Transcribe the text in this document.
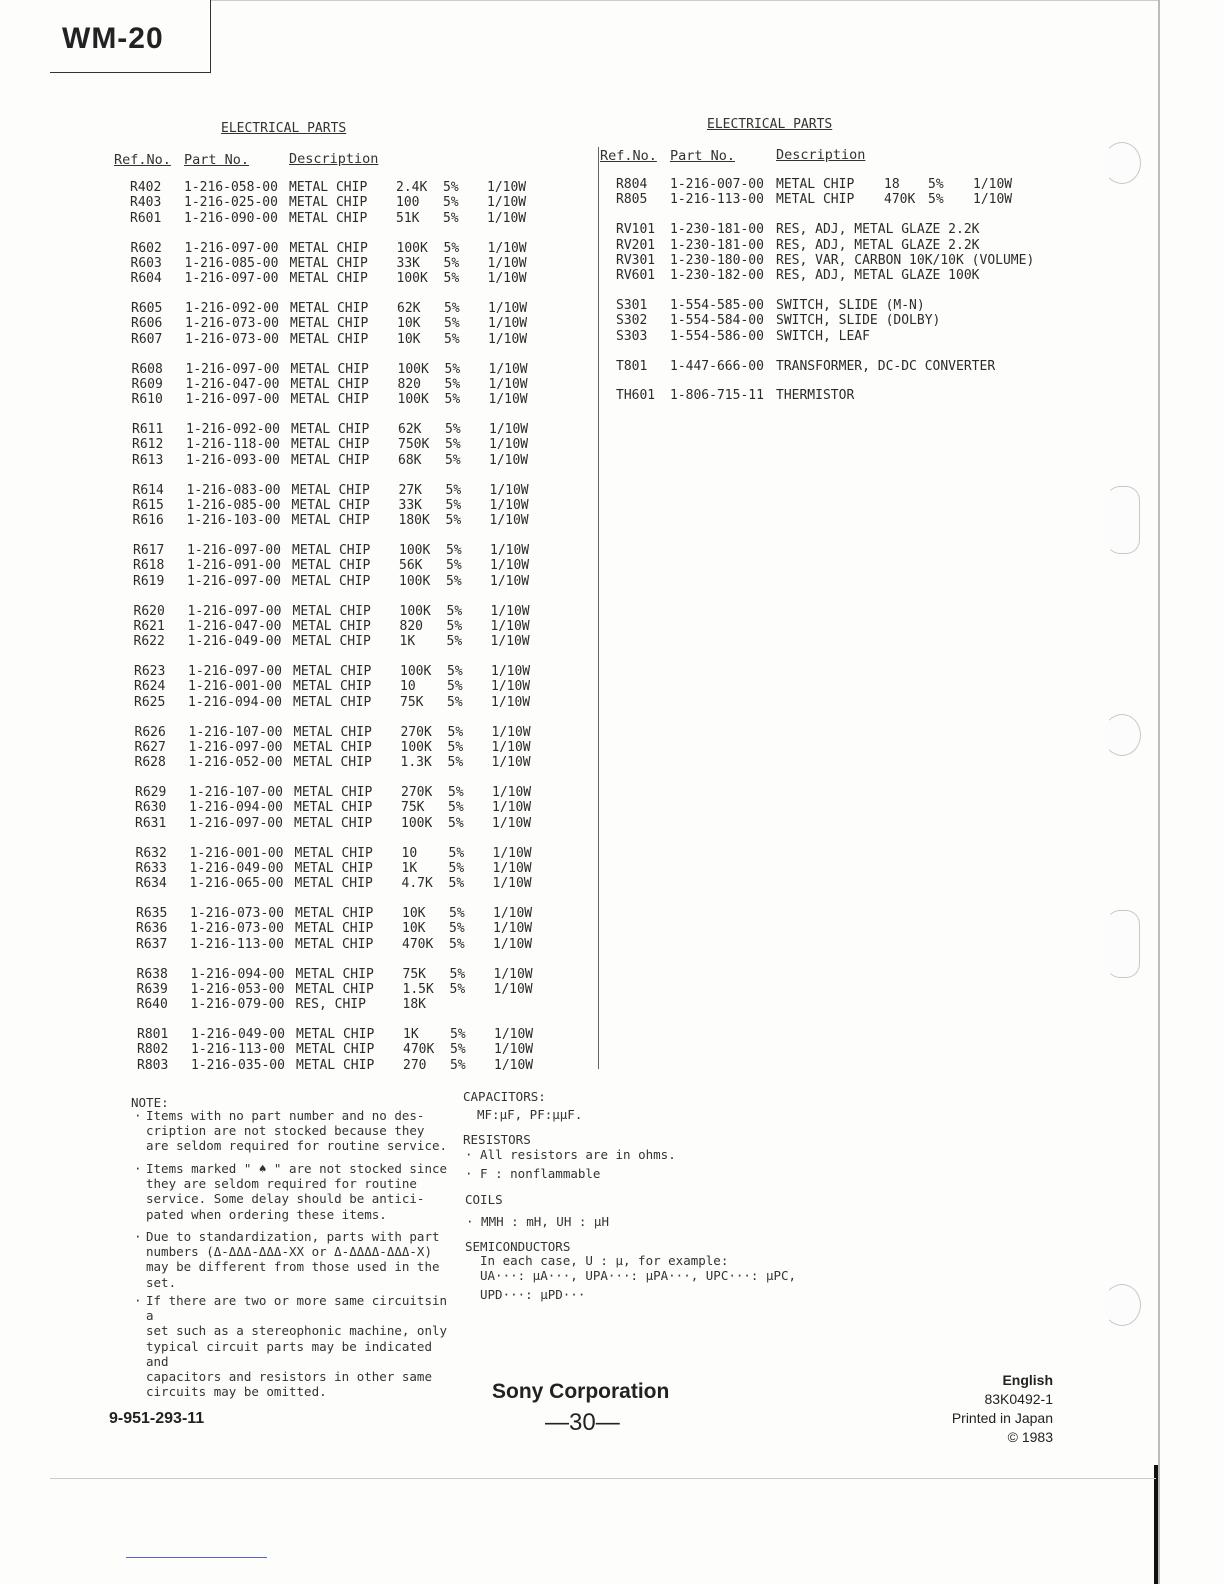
WM-20
ELECTRICAL PARTS
Ref.No. Part No.	Description
ELECTRICAL PARTS
Ref.No. Part No.	Description
R402 1-216-058-00 METAL CHIP 2.4K 5% 1/10W
R403 1-216-025-00 METAL CHIP 100 5% 1/10W
R601 1-216-090-00 METAL CHIP 51K 5% 1/10W
R602 1-216-097-00 METAL CHIP 100K 5% 1/10W
R603 1-216-085-00 METAL CHIP 33K 5% 1/10W
R604 1-216-097-00 METAL CHIP 100K 5% 1/10W
R605 1-216-092-00 METAL CHIP 62K 5% 1/10W
R606 1-216-073-00 METAL CHIP 10K 5% 1/10W
R607 1-216-073-00 METAL CHIP 10K 5% 1/10W
R608 1-216-097-00 METAL CHIP 100K 5% 1/10W
R609 1-216-047-00 METAL CHIP 820 5% 1/10W
R610 1-216-097-00 METAL CHIP 100K 5% 1/10W
R611 1-216-092-00 METAL CHIP 62K 5% 1/10W
R612 1-216-118-00 METAL CHIP 750K 5% 1/10W
R613 1-216-093-00 METAL CHIP 68K 5% 1/10W
R614 1-216-083-00 METAL CHIP 27K 5% 1/10W
R615 1-216-085-00 METAL CHIP 33K 5% 1/10W
R616 1-216-103-00 METAL CHIP 180K 5% 1/10W
R617 1-216-097-00 METAL CHIP 100K 5% 1/10W
R618 1-216-091-00 METAL CHIP 56K 5% 1/10W
R619 1-216-097-00 METAL CHIP 100K 5% 1/10W
R620 1-216-097-00 METAL CHIP 100K 5% 1/10W
R621 1-216-047-00 METAL CHIP 820 5% 1/10W
R622 1-216-049-00 METAL CHIP 1K 5% 1/10W
R623 1-216-097-00 METAL CHIP 100K 5% 1/10W
R624 1-216-001-00 METAL CHIP 10 5% 1/10W
R625 1-216-094-00 METAL CHIP 75K 5% 1/10W
R626 1-216-107-00 METAL CHIP 270K 5% 1/10W
R627 1-216-097-00 METAL CHIP 100K 5% 1/10W
R628 1-216-052-00 METAL CHIP 1.3K 5% 1/10W
R629 1-216-107-00 METAL CHIP 270K 5% 1/10W
R630 1-216-094-00 METAL CHIP 75K 5% 1/10W
R631 1-216-097-00 METAL CHIP 100K 5% 1/10W
R632 1-216-001-00 METAL CHIP 10 5% 1/10W
R633 1-216-049-00 METAL CHIP 1K 5% 1/10W
R634 1-216-065-00 METAL CHIP 4.7K 5% 1/10W
R635 1-216-073-00 METAL CHIP 10K 5% 1/10W
R636 1-216-073-00 METAL CHIP 10K 5% 1/10W
R637 1-216-113-00 METAL CHIP 470K 5% 1/10W
R638 1-216-094-00 METAL CHIP 75K 5% 1/10W
R639 1-216-053-00 METAL CHIP 1.5K 5% 1/10W
R640 1-216-079-00 RES, CHIP	18K
R801 1-216-049-00 METAL CHIP 1K 5% 1/10W
R802 1-216-113-00 METAL CHIP 470K 5% 1/10W
R803 1-216-035-00 METAL CHIP 270 5% 1/10W
R804 1-216-007-00 METAL CHIP 18 5% 1/10W
R805 1-216-113-00 METAL CHIP 470K 5% 1/10W
RV101 1-230-181-00 RES, ADJ, METAL GLAZE 2.2K
RV201 1-230-181-00 RES, ADJ, METAL GLAZE 2.2K
RV301 1-230-180-00 RES, VAR, CARBON 10K/10K (VOLUME)
RV601 1-230-182-00 RES, ADJ, METAL GLAZE 100K
S301 1-554-585-00 SWITCH, SLIDE (M-N)
S302 1-554-584-00 SWITCH, SLIDE (DOLBY)
S303 1-554-586-00 SWITCH, LEAF
T801 1-447-666-00 TRANSFORMER, DC-DC CONVERTER
TH601 1-806-715-11 THERMISTOR
NOTE:
· Items with no part number and no des-
cription are not stocked because they
are seldom required for routine service.
· Items marked " ♠ " are not stocked since
they are seldom required for routine
service. Some delay should be antici-
pated when ordering these items.
· Due to standardization, parts with part
numbers (Δ-ΔΔΔ-ΔΔΔ-XX or Δ-ΔΔΔΔ-ΔΔΔ-X)
may be different from those used in the
set.
· If there are two or more same circuitsin a
set such as a stereophonic machine, only
typical circuit parts may be indicated and
capacitors and resistors in other same
circuits may be omitted.
CAPACITORS:
MF:µF, PF:µµF.
RESISTORS
· All resistors are in ohms.
· F : nonflammable
COILS
· MMH : mH, UH : µH
SEMICONDUCTORS
In each case, U : µ, for example:
UA···: µA···, UPA···: µPA···, UPC···: µPC,
UPD···: µPD···
Sony Corporation
—30—
9-951-293-11
English
83K0492-1
Printed in Japan
© 1983
